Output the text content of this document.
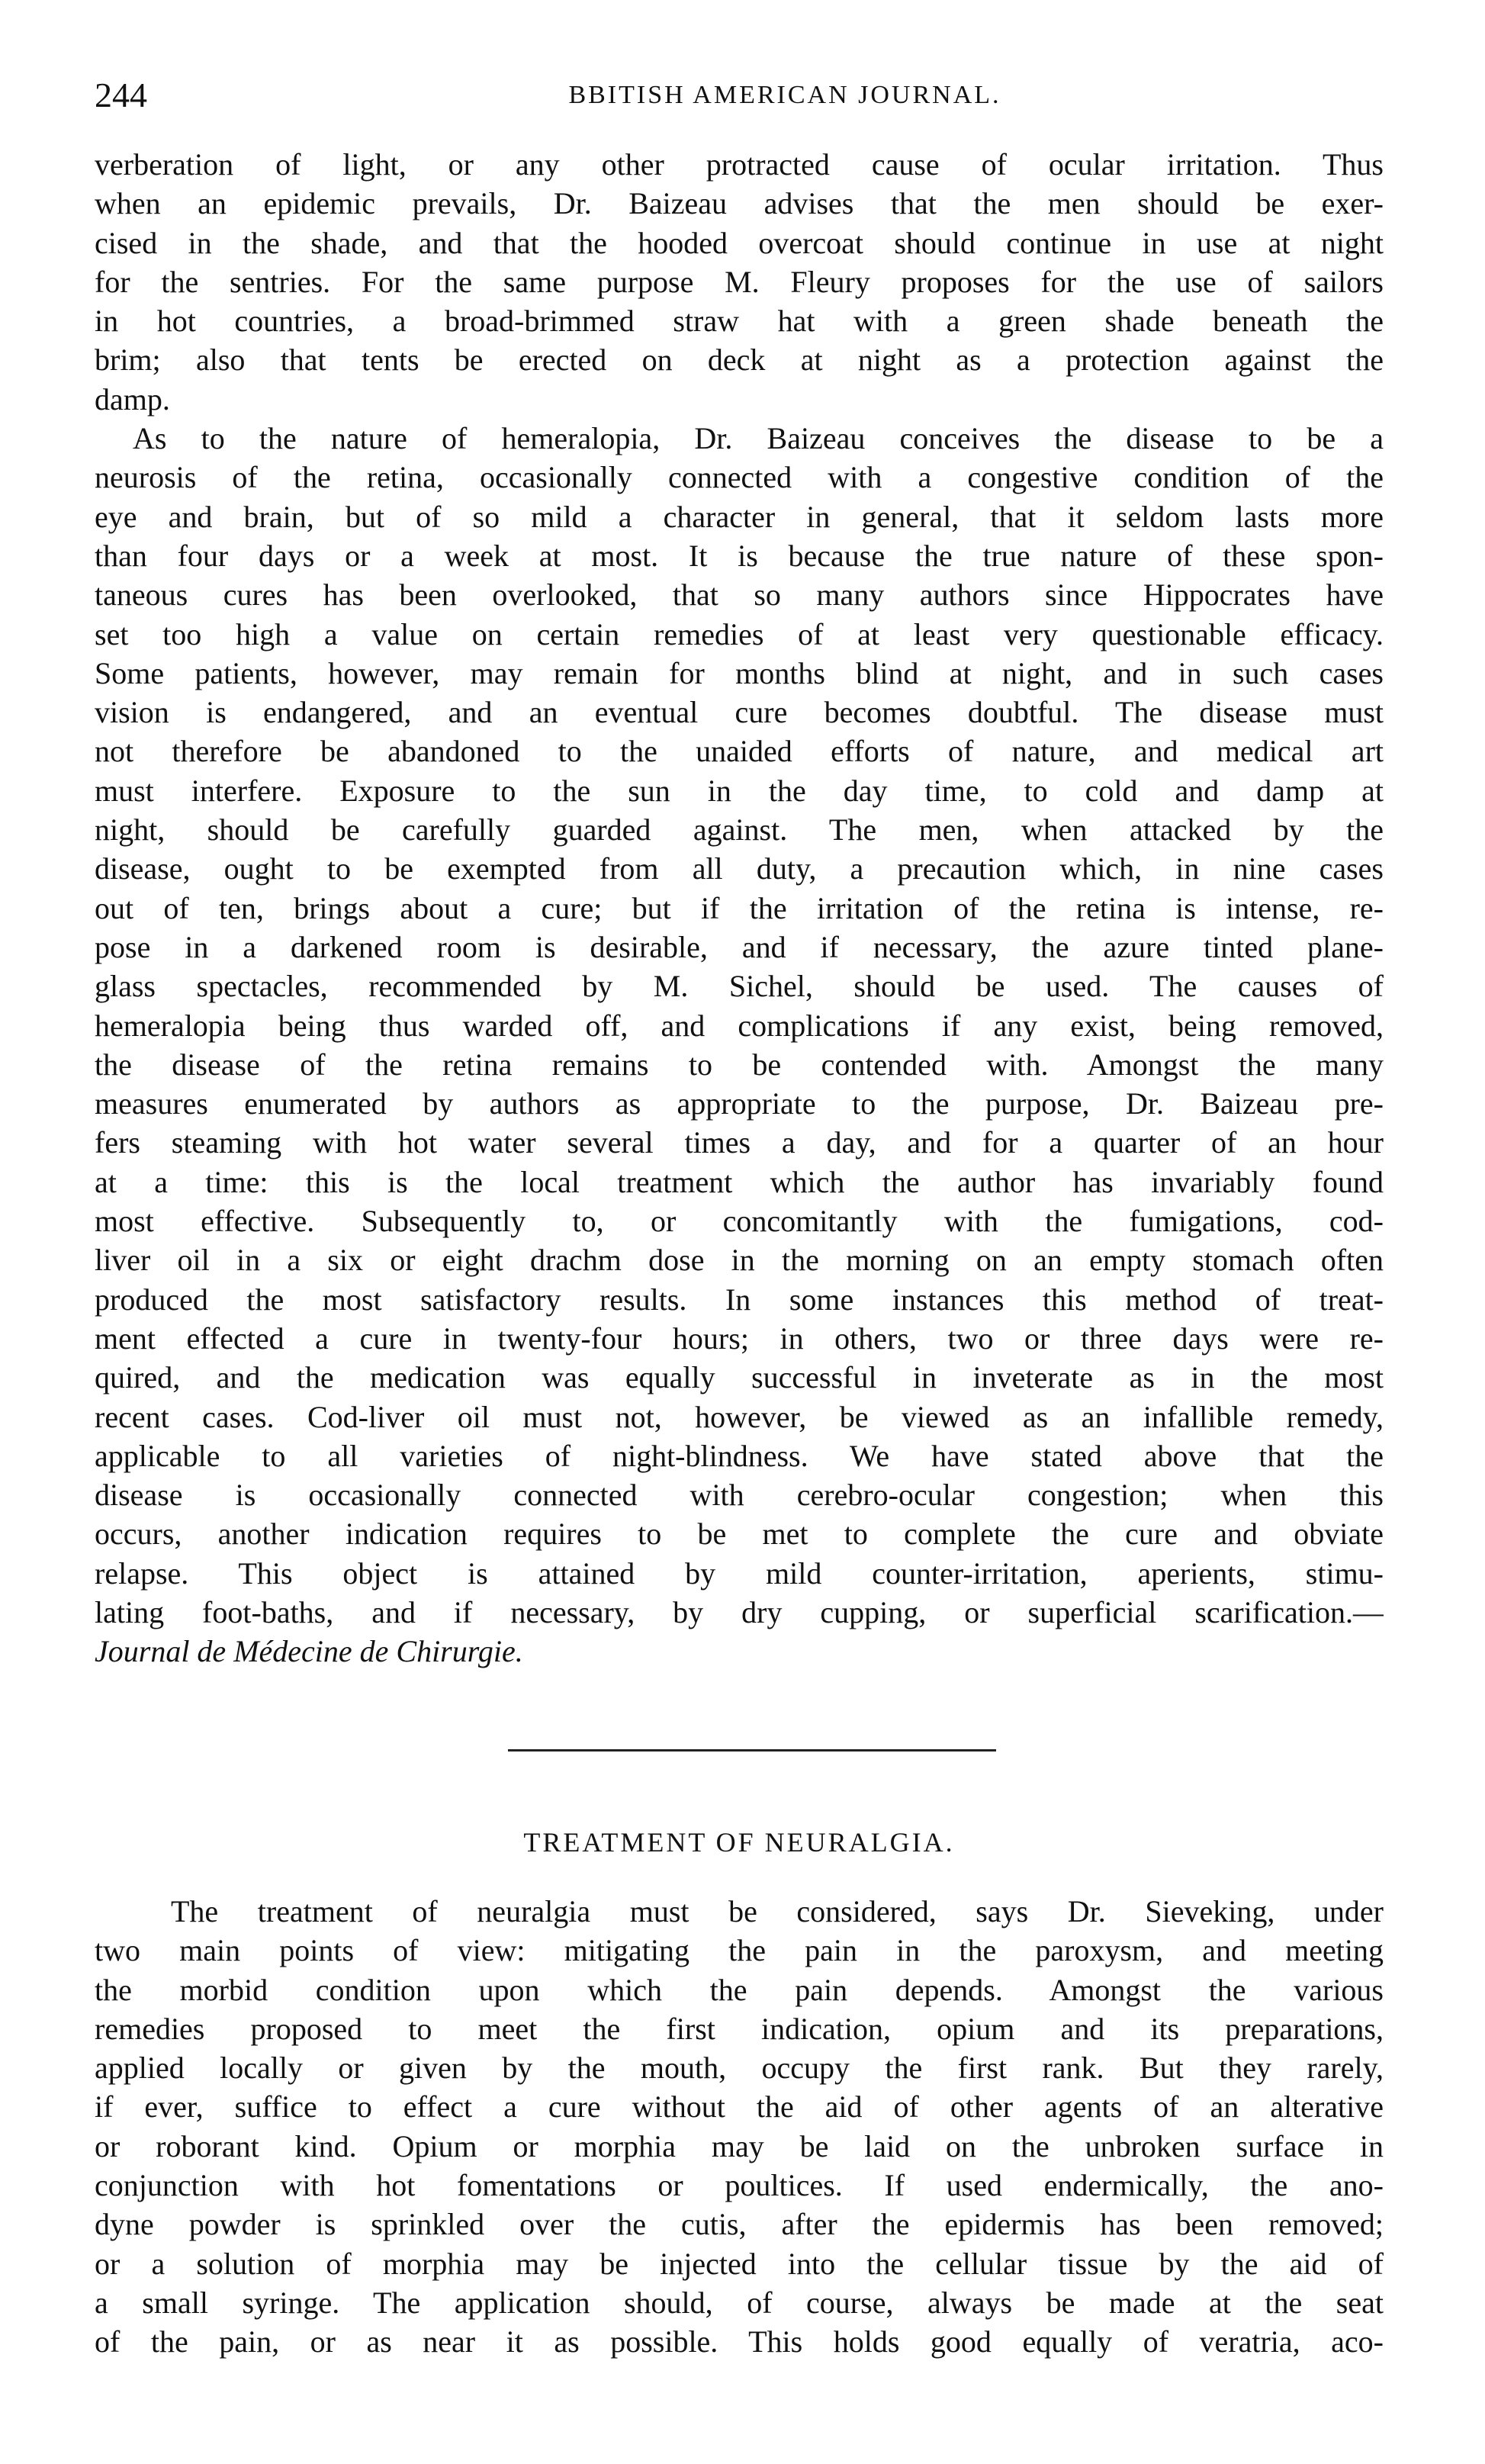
244	BBITISH AMERICAN JOURNAL.
verberation of light, or any other protracted cause of ocular irritation. Thus
when an epidemic prevails, Dr. Baizeau advises that the men should be exer-
cised in the shade, and that the hooded overcoat should continue in use at night
for the sentries. For the same purpose M. Fleury proposes for the use of sailors
in hot countries, a broad-brimmed straw hat with a green shade beneath the
brim; also that tents be erected on deck at night as a protection against the
damp.
As to the nature of hemeralopia, Dr. Baizeau conceives the disease to be a
neurosis of the retina, occasionally connected with a congestive condition of the
eye and brain, but of so mild a character in general, that it seldom lasts more
than four days or a week at most. It is because the true nature of these spon-
taneous cures has been overlooked, that so many authors since Hippocrates have
set too high a value on certain remedies of at least very questionable efficacy.
Some patients, however, may remain for months blind at night, and in such cases
vision is endangered, and an eventual cure becomes doubtful. The disease must
not therefore be abandoned to the unaided efforts of nature, and medical art
must interfere. Exposure to the sun in the day time, to cold and damp at
night, should be carefully guarded against. The men, when attacked by the
disease, ought to be exempted from all duty, a precaution which, in nine cases
out of ten, brings about a cure; but if the irritation of the retina is intense, re-
pose in a darkened room is desirable, and if necessary, the azure tinted plane-
glass spectacles, recommended by M. Sichel, should be used. The causes of
hemeralopia being thus warded off, and complications if any exist, being removed,
the disease of the retina remains to be contended with. Amongst the many
measures enumerated by authors as appropriate to the purpose, Dr. Baizeau pre-
fers steaming with hot water several times a day, and for a quarter of an hour
at a time: this is the local treatment which the author has invariably found
most effective. Subsequently to, or concomitantly with the fumigations, cod-
liver oil in a six or eight drachm dose in the morning on an empty stomach often
produced the most satisfactory results. In some instances this method of treat-
ment effected a cure in twenty-four hours; in others, two or three days were re-
quired, and the medication was equally successful in inveterate as in the most
recent cases. Cod-liver oil must not, however, be viewed as an infallible remedy,
applicable to all varieties of night-blindness. We have stated above that the
disease is occasionally connected with cerebro-ocular congestion; when this
occurs, another indication requires to be met to complete the cure and obviate
relapse. This object is attained by mild counter-irritation, aperients, stimu-
lating foot-baths, and if necessary, by dry cupping, or superficial scarification.—
Journal de Médecine de Chirurgie.
TREATMENT OF NEURALGIA.
The treatment of neuralgia must be considered, says Dr. Sieveking, under
two main points of view: mitigating the pain in the paroxysm, and meeting
the morbid condition upon which the pain depends. Amongst the various
remedies proposed to meet the first indication, opium and its preparations,
applied locally or given by the mouth, occupy the first rank. But they rarely,
if ever, suffice to effect a cure without the aid of other agents of an alterative
or roborant kind. Opium or morphia may be laid on the unbroken surface in
conjunction with hot fomentations or poultices. If used endermically, the ano-
dyne powder is sprinkled over the cutis, after the epidermis has been removed;
or a solution of morphia may be injected into the cellular tissue by the aid of
a small syringe. The application should, of course, always be made at the seat
of the pain, or as near it as possible. This holds good equally of veratria, aco-
